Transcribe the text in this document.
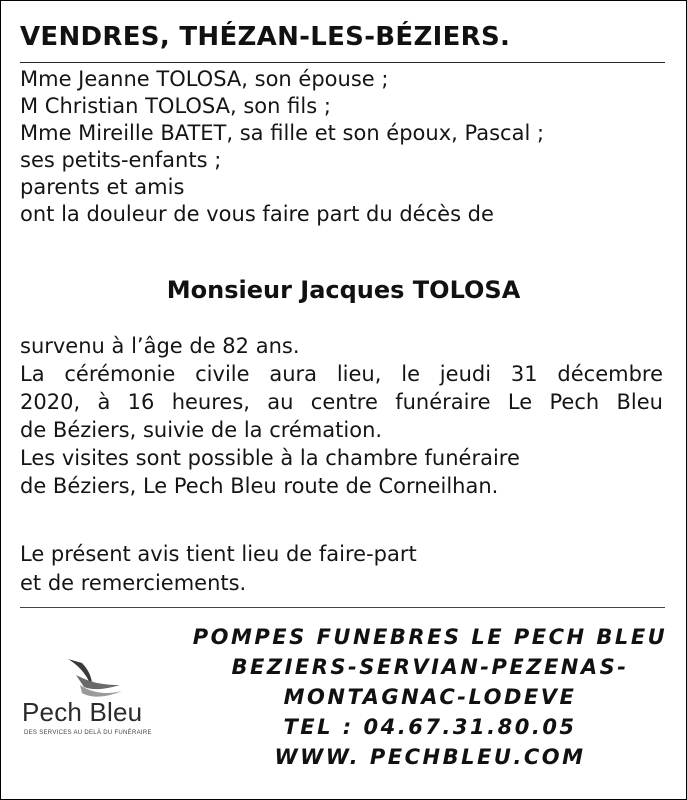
VENDRES, THÉZAN-LES-BÉZIERS.
Mme Jeanne TOLOSA, son épouse ;
M Christian TOLOSA, son fils ;
Mme Mireille BATET, sa fille et son époux, Pascal ;
ses petits-enfants ;
parents et amis
ont la douleur de vous faire part du décès de
Monsieur Jacques TOLOSA
survenu à l’âge de 82 ans.
La cérémonie civile aura lieu, le jeudi 31 décembre
2020, à 16 heures, au centre funéraire Le Pech Bleu
de Béziers, suivie de la crémation.
Les visites sont possible à la chambre funéraire
de Béziers, Le Pech Bleu route de Corneilhan.
Le présent avis tient lieu de faire-part
et de remerciements.
Pech Bleu
DES SERVICES AU DELÀ DU FUNÉRAIRE
POMPES FUNEBRES LE PECH BLEU
BEZIERS-SERVIAN-PEZENAS-
MONTAGNAC-LODEVE
TEL : 04.67.31.80.05
WWW. PECHBLEU.COM
